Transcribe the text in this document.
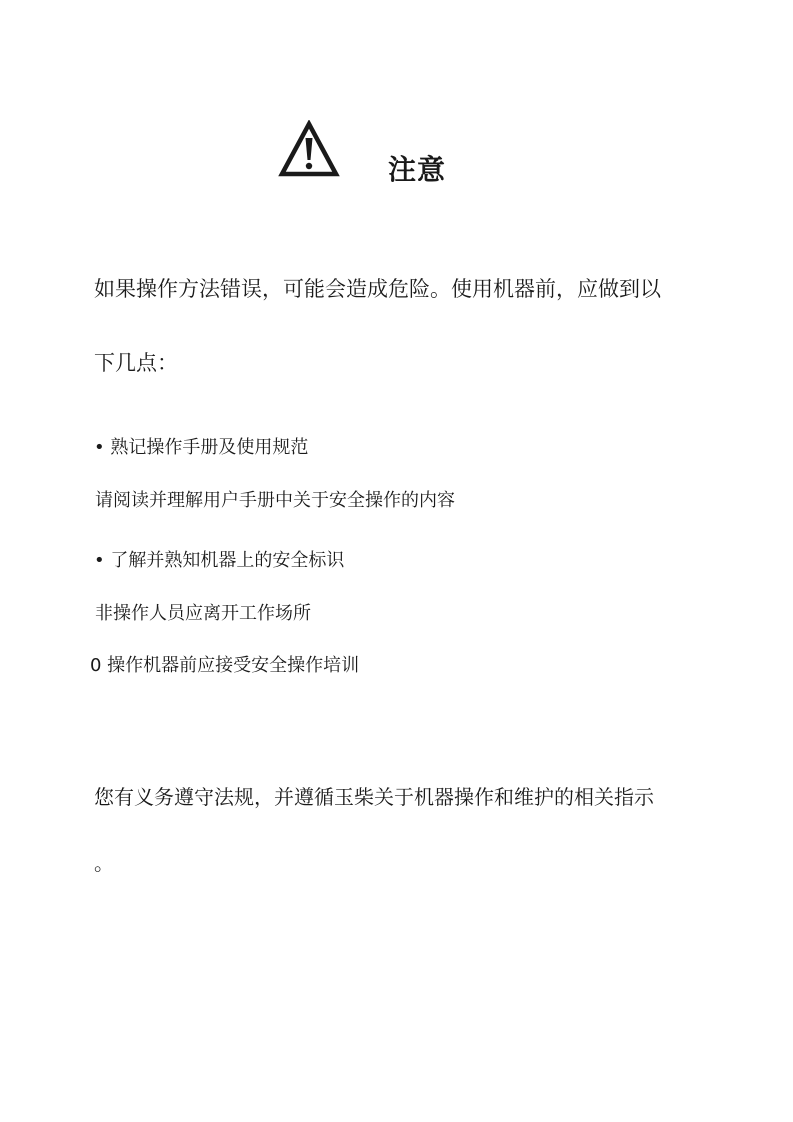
注意

如果操作方法错误，可能会造成危险。使用机器前，应做到以
下几点：

• 熟记操作手册及使用规范

请阅读并理解用户手册中关于安全操作的内容

• 了解并熟知机器上的安全标识

非操作人员应离开工作场所

0 操作机器前应接受安全操作培训

您有义务遵守法规，并遵循玉柴关于机器操作和维护的相关指示
。
